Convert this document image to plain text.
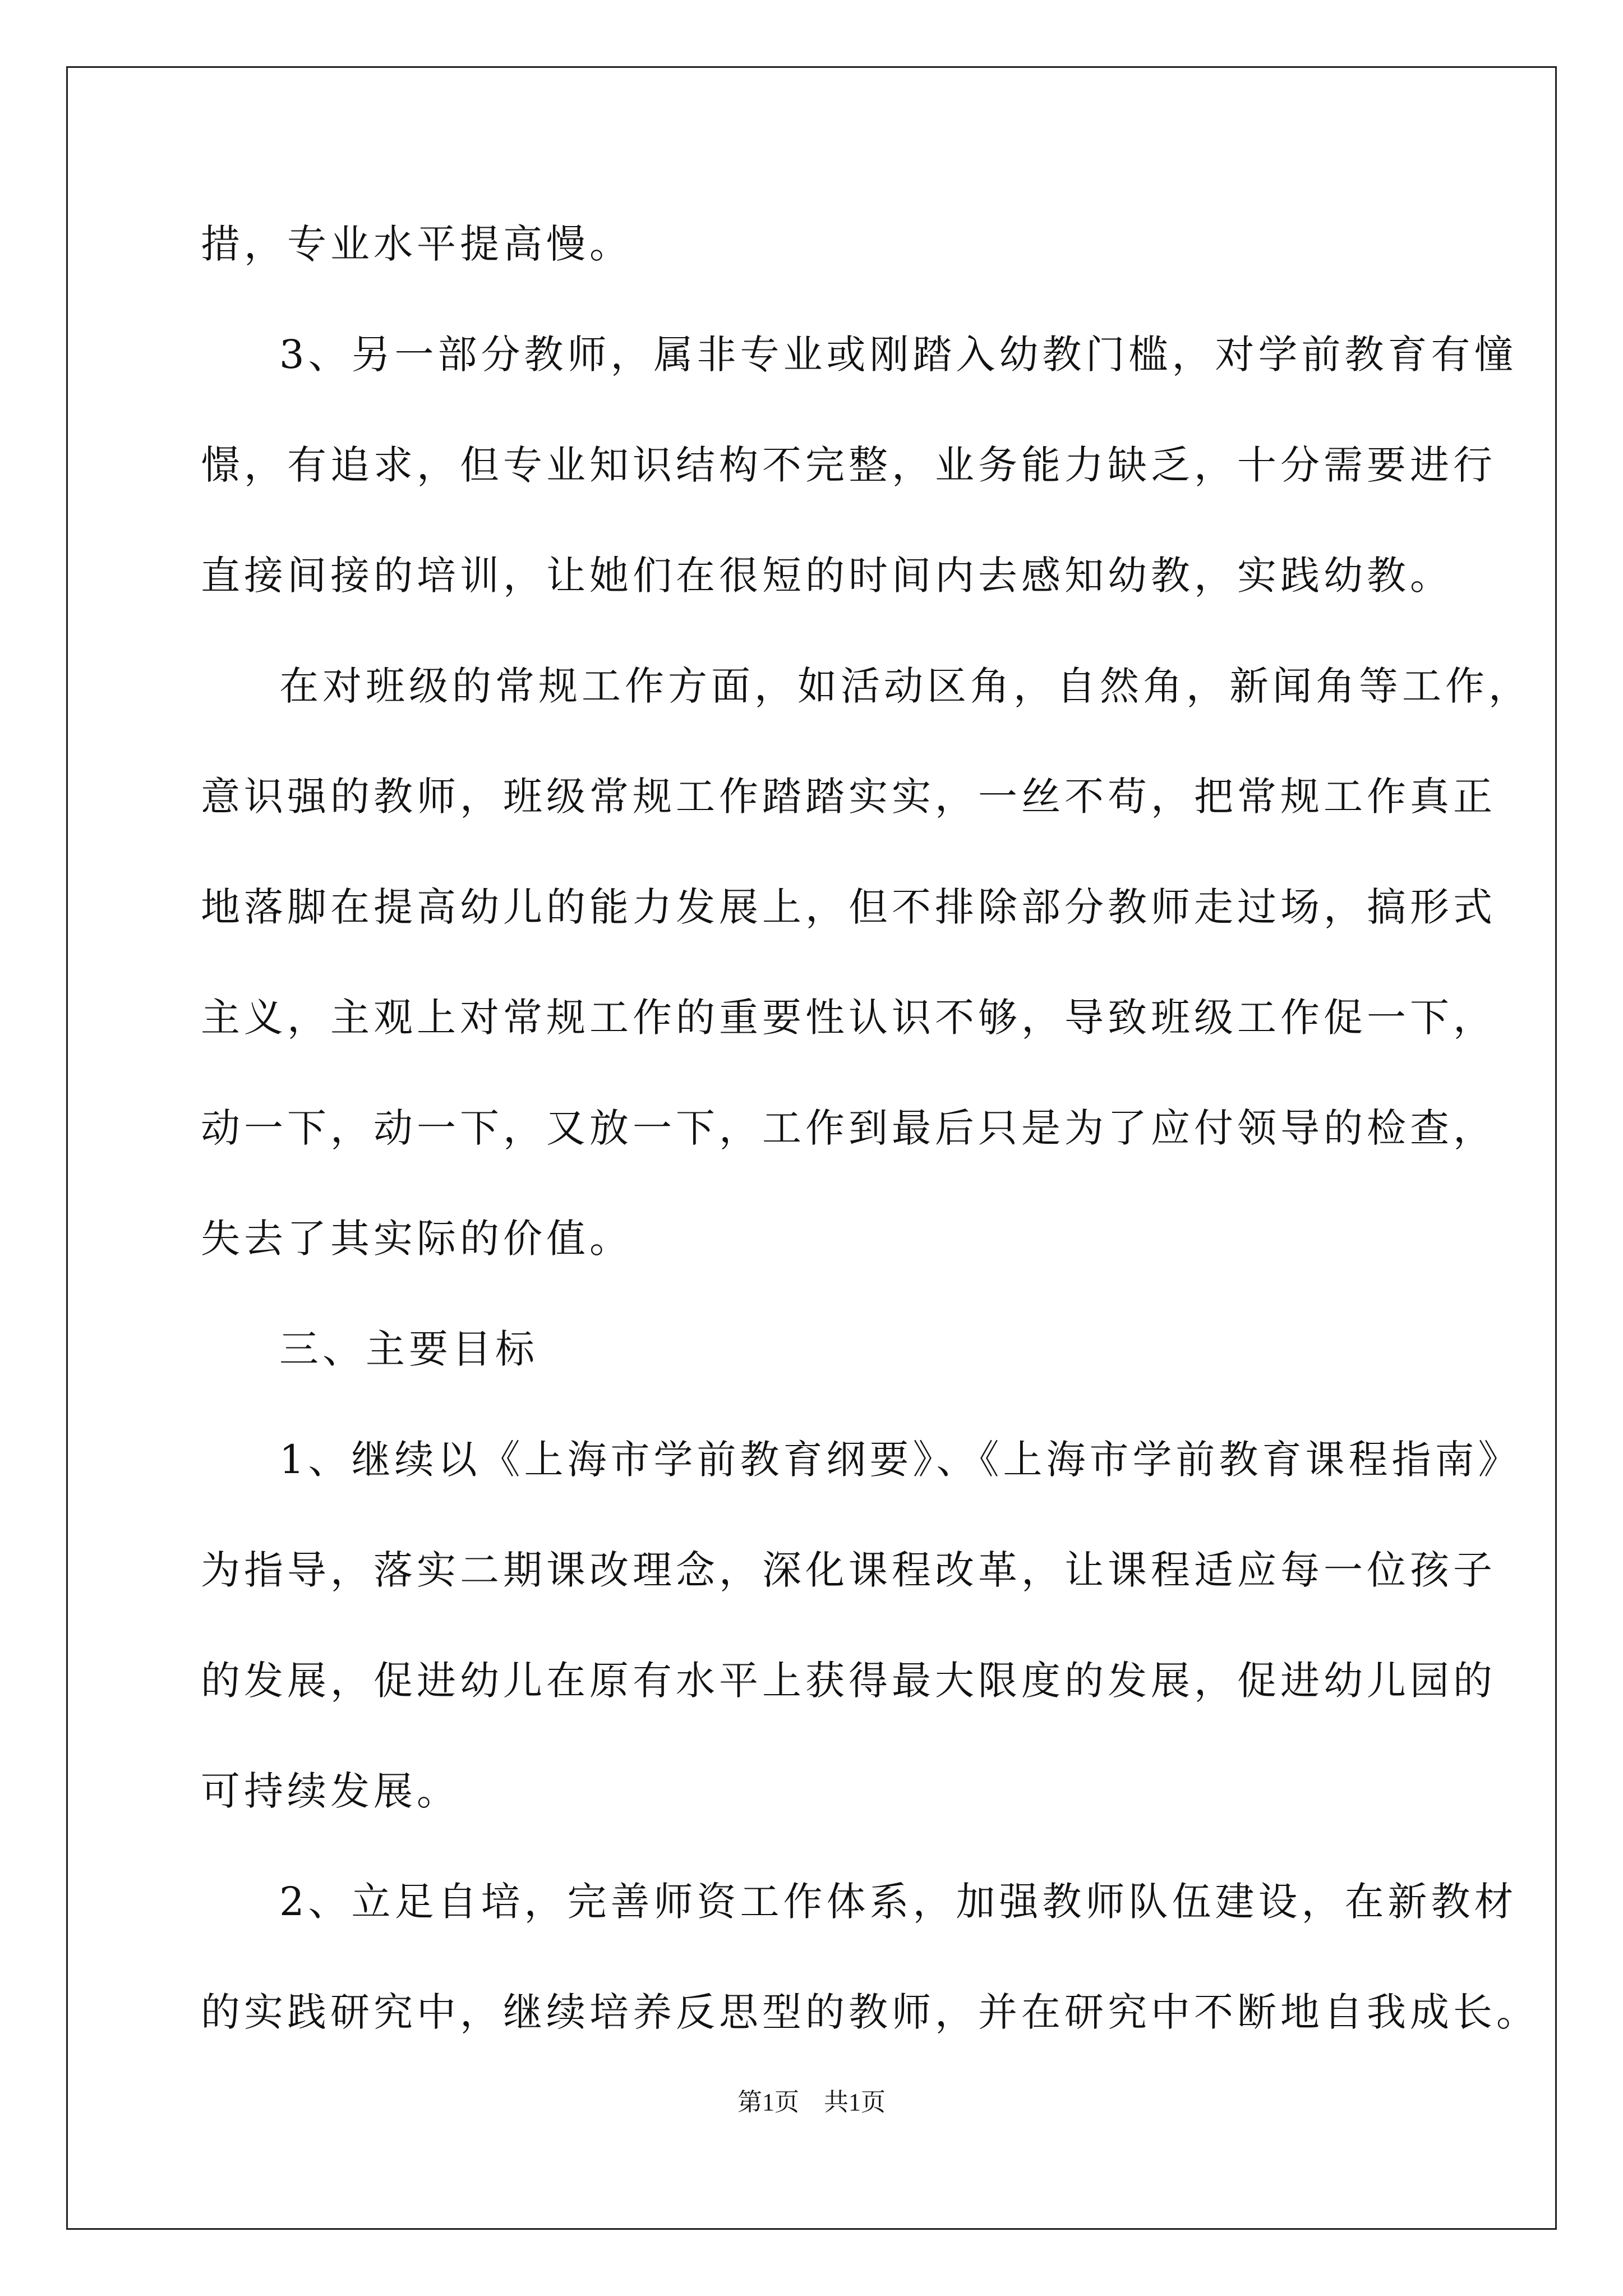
措，专业水平提高慢。
3、另一部分教师，属非专业或刚踏入幼教门槛，对学前教育有憧
憬，有追求，但专业知识结构不完整，业务能力缺乏，十分需要进行
直接间接的培训，让她们在很短的时间内去感知幼教，实践幼教。
在对班级的常规工作方面，如活动区角，自然角，新闻角等工作，
意识强的教师，班级常规工作踏踏实实，一丝不苟，把常规工作真正
地落脚在提高幼儿的能力发展上，但不排除部分教师走过场，搞形式
主义，主观上对常规工作的重要性认识不够，导致班级工作促一下，
动一下，动一下，又放一下，工作到最后只是为了应付领导的检查，
失去了其实际的价值。
三、主要目标
1、继续以《上海市学前教育纲要》、《上海市学前教育课程指南》
为指导，落实二期课改理念，深化课程改革，让课程适应每一位孩子
的发展，促进幼儿在原有水平上获得最大限度的发展，促进幼儿园的
可持续发展。
2、立足自培，完善师资工作体系，加强教师队伍建设，在新教材
的实践研究中，继续培养反思型的教师，并在研究中不断地自我成长。
第1页　共1页
